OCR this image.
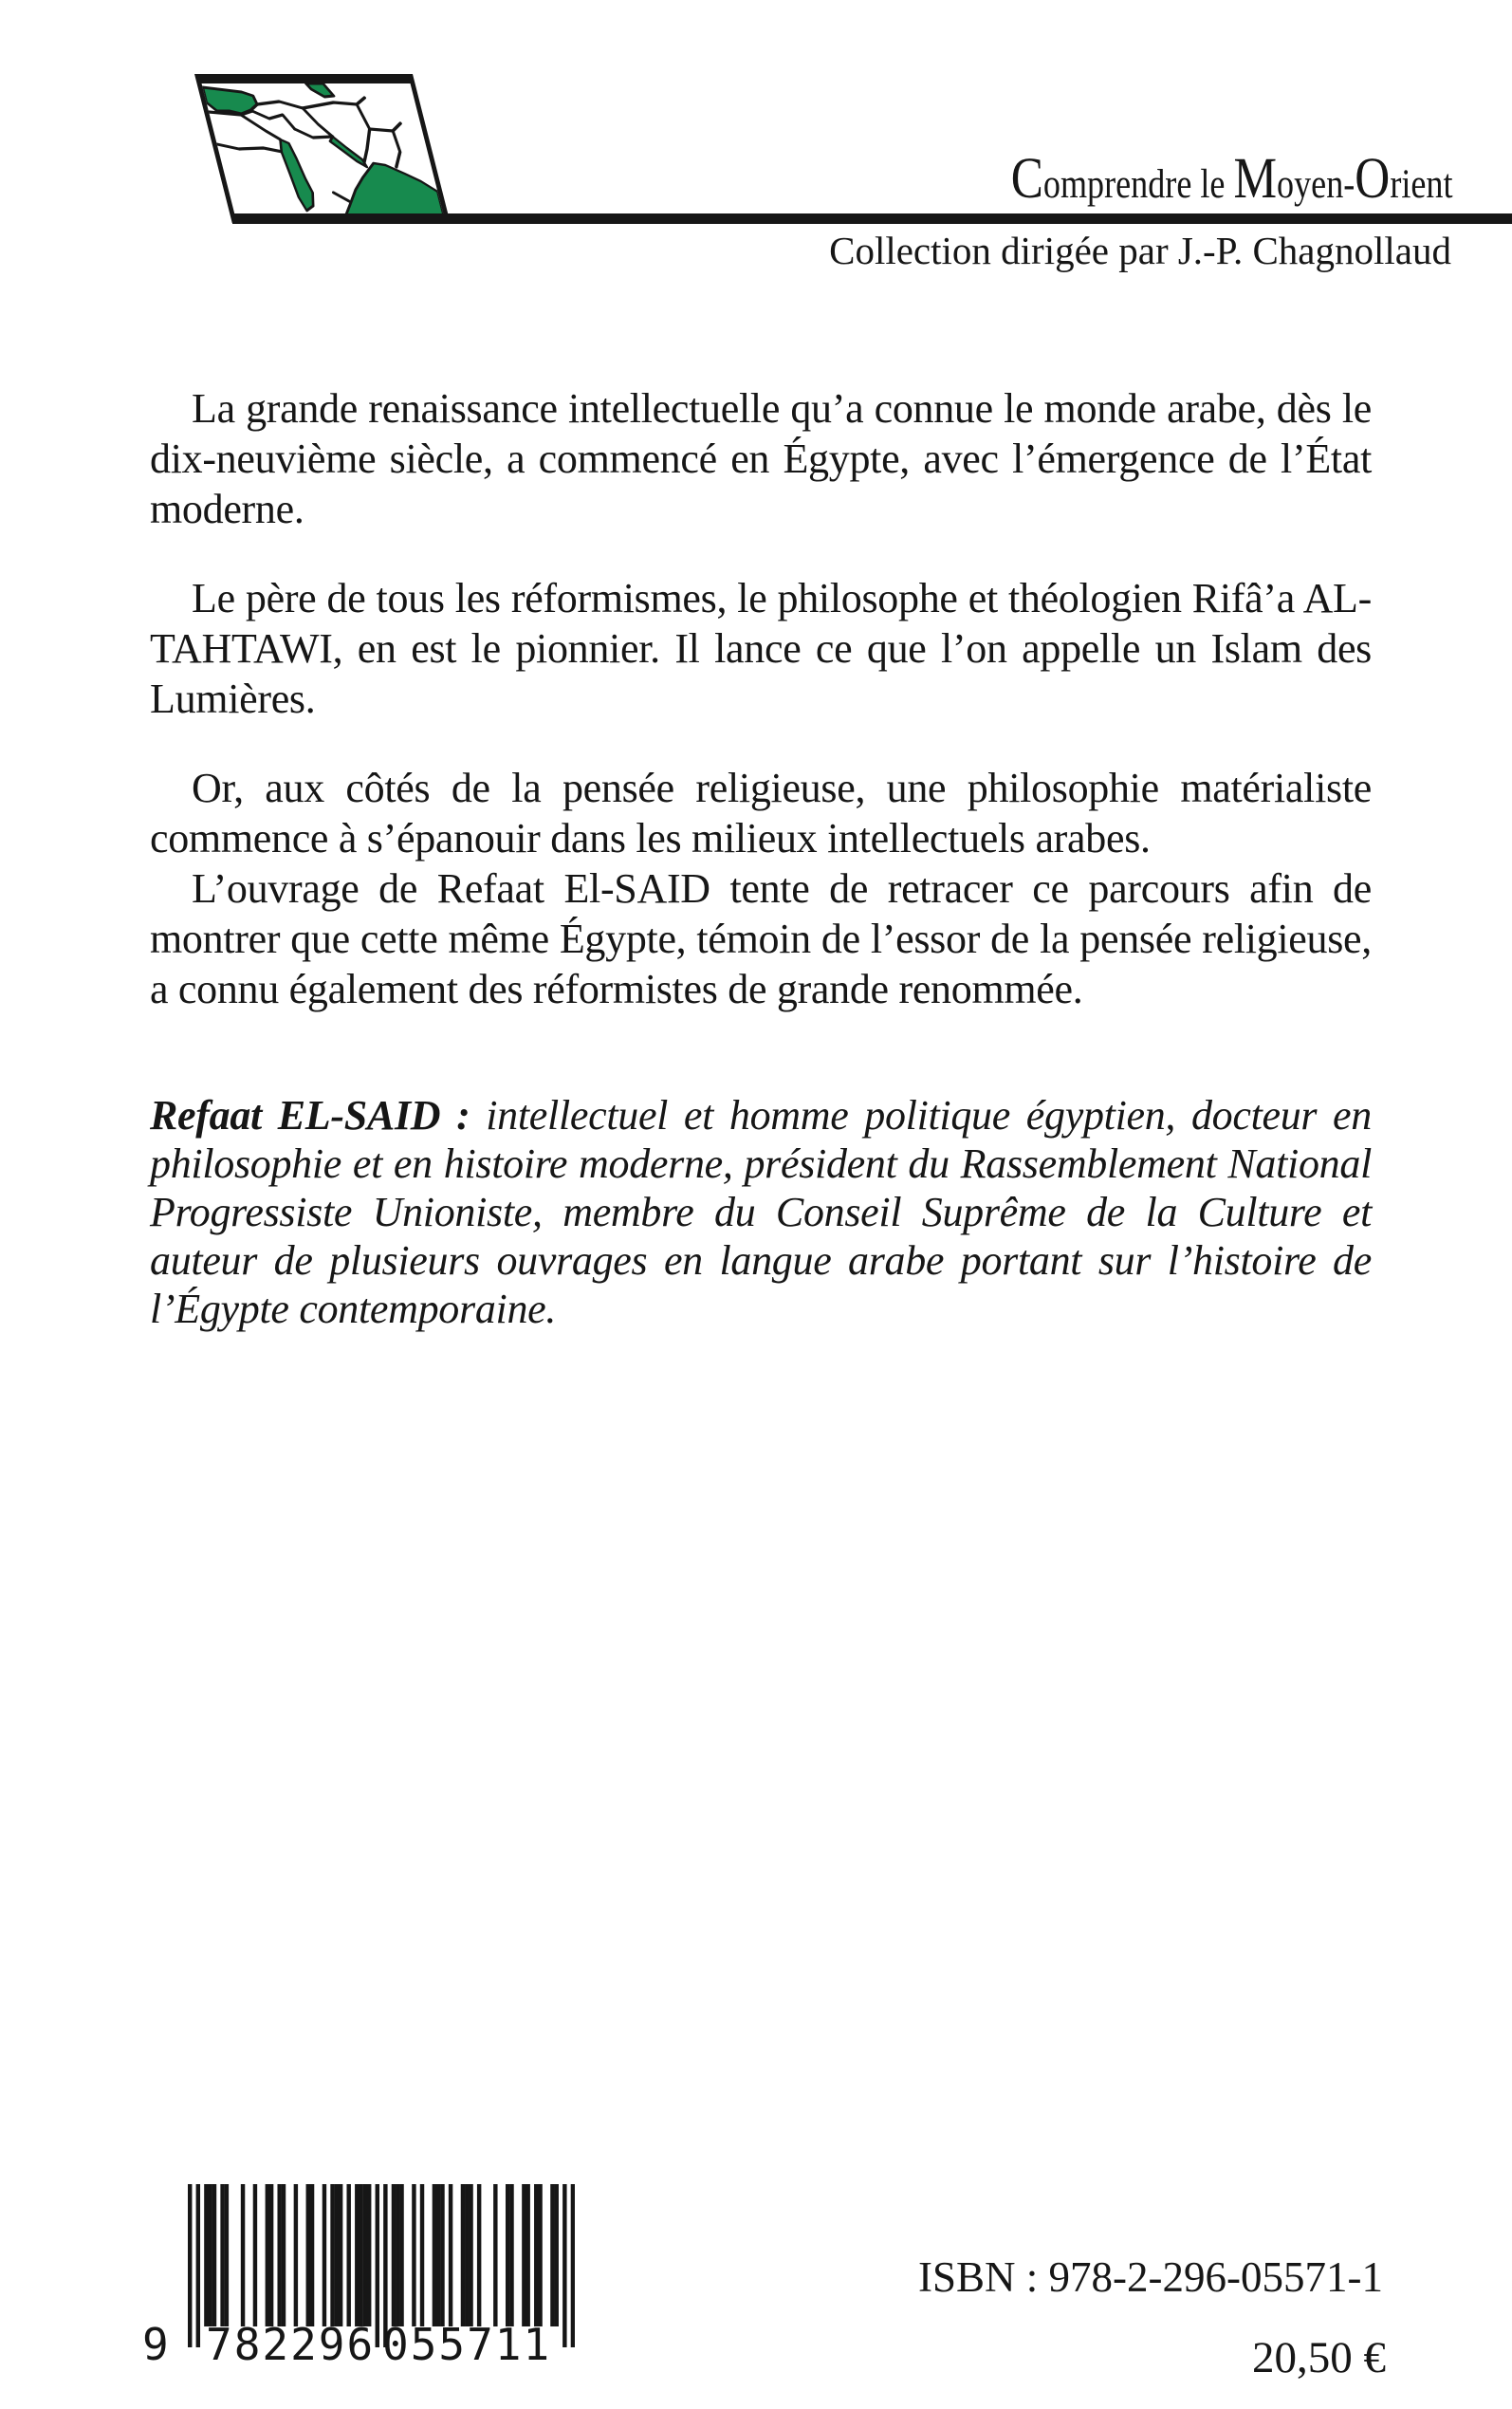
Comprendre le Moyen-Orient
Collection dirigée par J.-P. Chagnollaud

La grande renaissance intellectuelle qu’a connue le monde arabe, dès le dix-neuvième siècle, a commencé en Égypte, avec l’émergence de l’État moderne.

Le père de tous les réformismes, le philosophe et théologien Rifâ’a AL-TAHTAWI, en est le pionnier. Il lance ce que l’on appelle un Islam des Lumières.

Or, aux côtés de la pensée religieuse, une philosophie matérialiste commence à s’épanouir dans les milieux intellectuels arabes.

L’ouvrage de Refaat El-SAID tente de retracer ce parcours afin de montrer que cette même Égypte, témoin de l’essor de la pensée religieuse, a connu également des réformistes de grande renommée.

Refaat EL-SAID : intellectuel et homme politique égyptien, docteur en philosophie et en histoire moderne, président du Rassemblement National Progressiste Unioniste, membre du Conseil Suprême de la Culture et auteur de plusieurs ouvrages en langue arabe portant sur l’histoire de l’Égypte contemporaine.

9 782296 055711
ISBN : 978-2-296-05571-1
20,50 €
